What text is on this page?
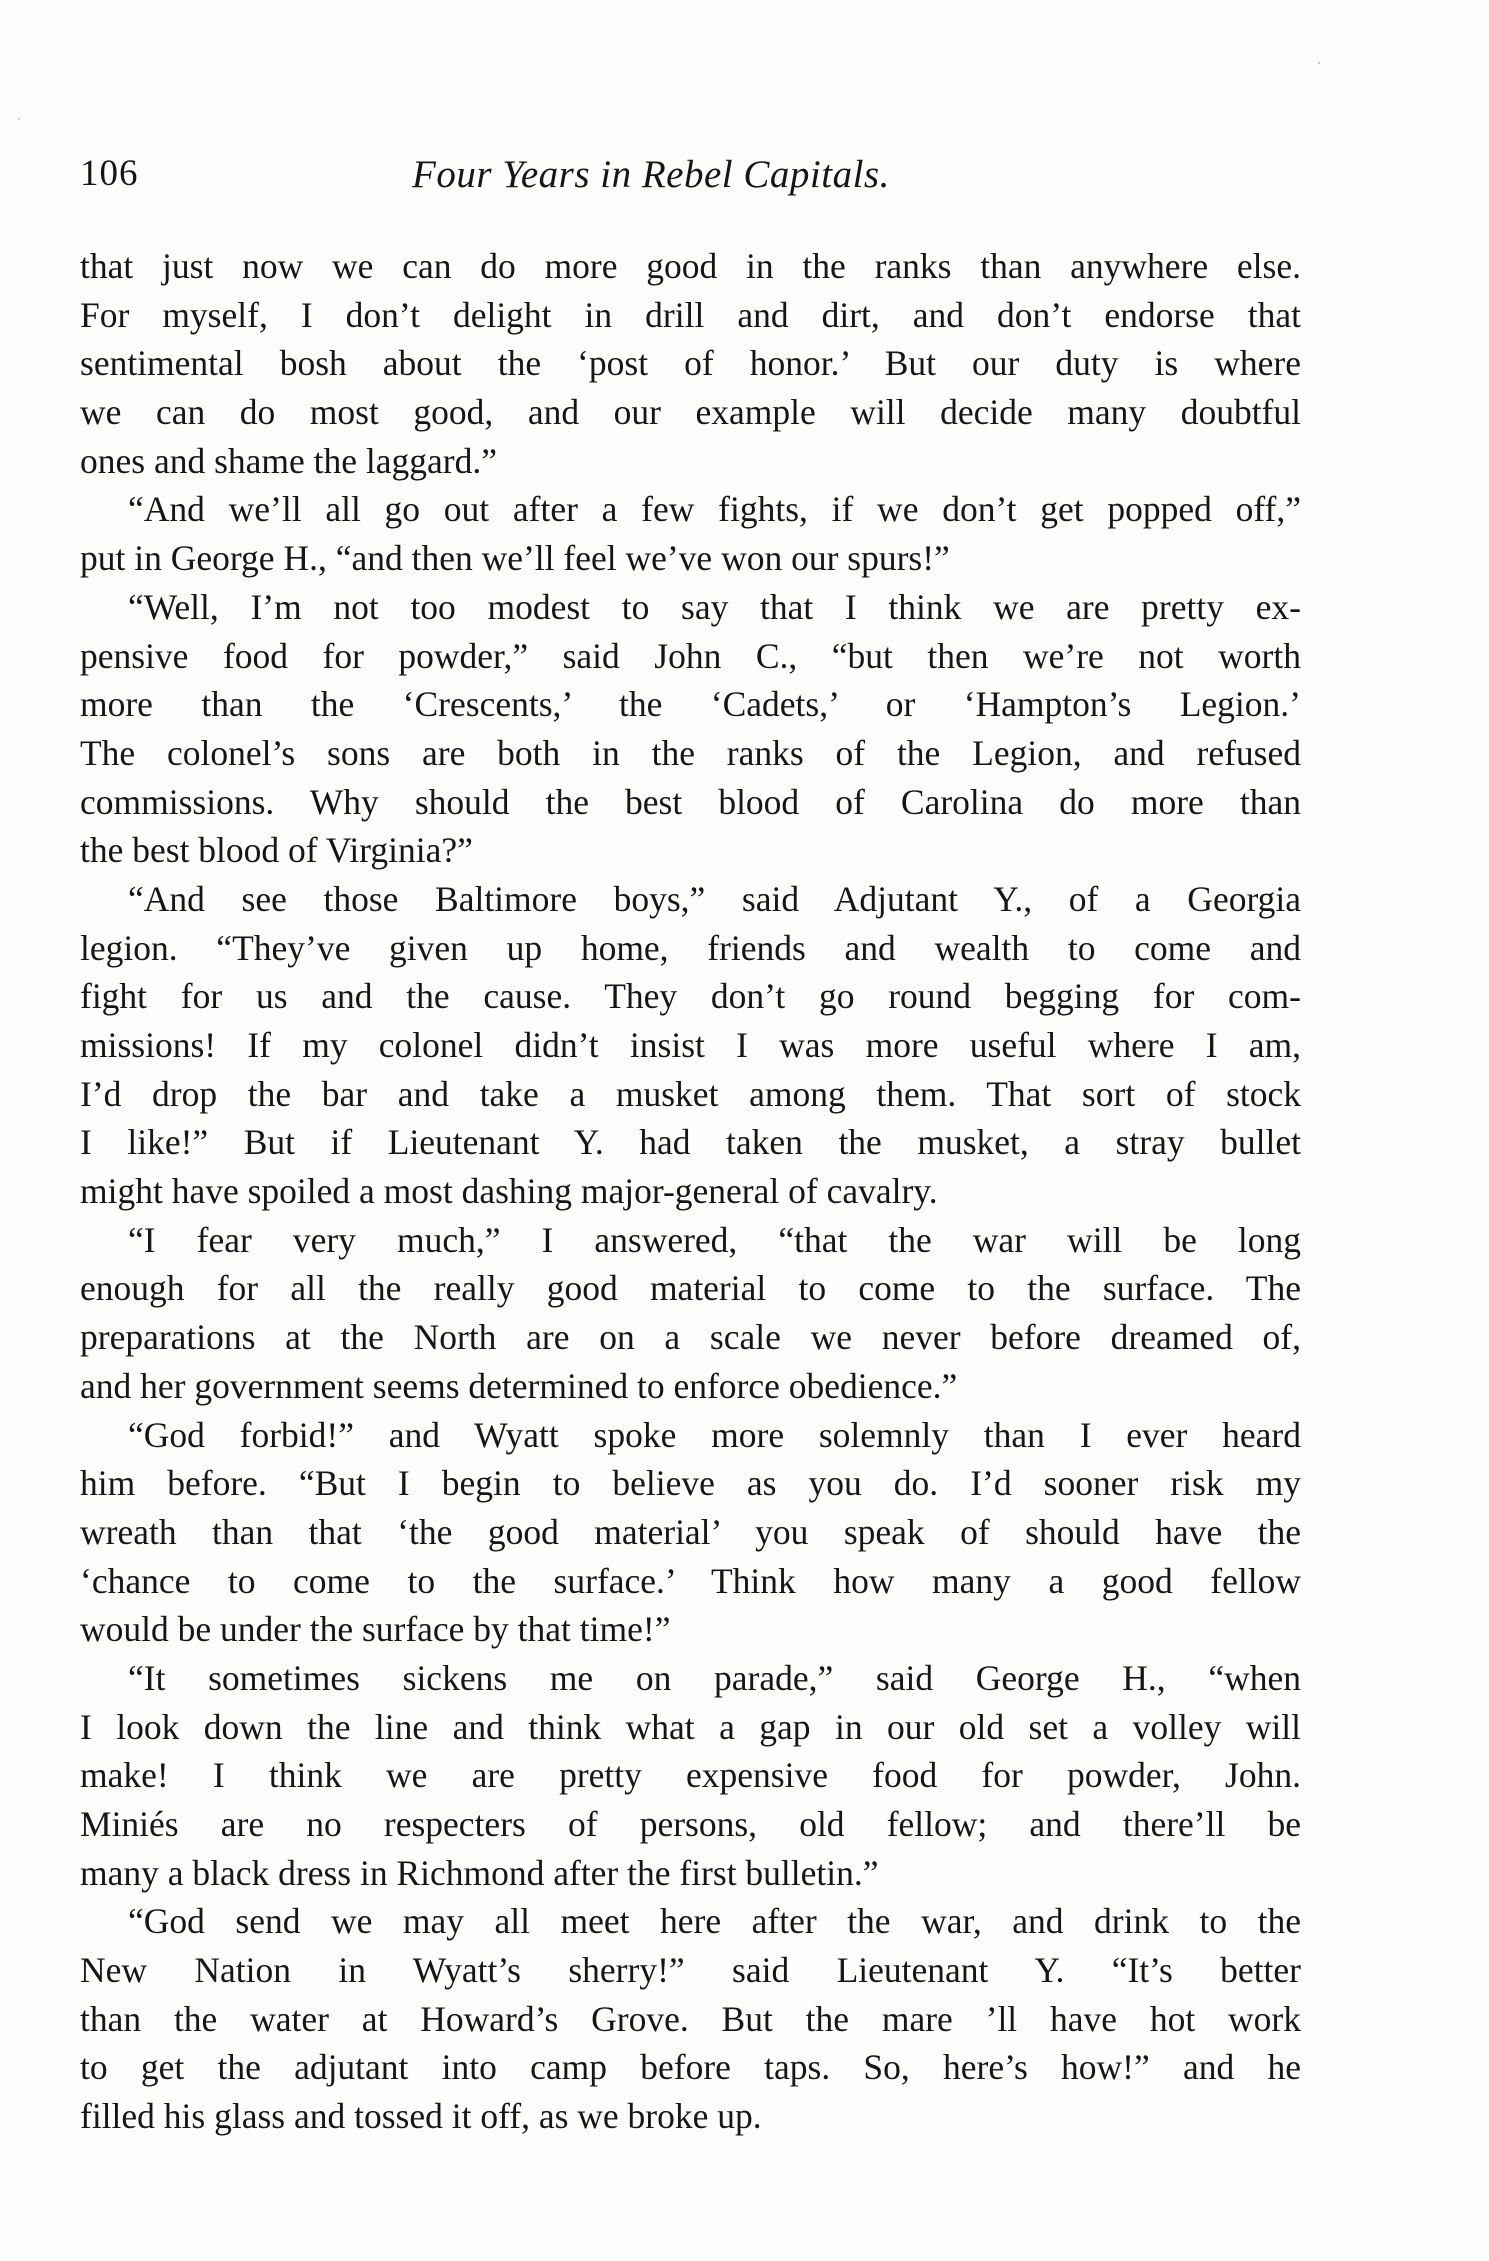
106	Four Years in Rebel Capitals.
that just now we can do more good in the ranks than anywhere else.
For myself, I don’t delight in drill and dirt, and don’t endorse that
sentimental bosh about the ‘post of honor.’ But our duty is where
we can do most good, and our example will decide many doubtful
ones and shame the laggard.”
“And we’ll all go out after a few fights, if we don’t get popped off,”
put in George H., “and then we’ll feel we’ve won our spurs!”
“Well, I’m not too modest to say that I think we are pretty ex-
pensive food for powder,” said John C., “but then we’re not worth
more than the ‘Crescents,’ the ‘Cadets,’ or ‘Hampton’s Legion.’
The colonel’s sons are both in the ranks of the Legion, and refused
commissions. Why should the best blood of Carolina do more than
the best blood of Virginia?”
“And see those Baltimore boys,” said Adjutant Y., of a Georgia
legion. “They’ve given up home, friends and wealth to come and
fight for us and the cause. They don’t go round begging for com-
missions! If my colonel didn’t insist I was more useful where I am,
I’d drop the bar and take a musket among them. That sort of stock
I like!” But if Lieutenant Y. had taken the musket, a stray bullet
might have spoiled a most dashing major-general of cavalry.
“I fear very much,” I answered, “that the war will be long
enough for all the really good material to come to the surface. The
preparations at the North are on a scale we never before dreamed of,
and her government seems determined to enforce obedience.”
“God forbid!” and Wyatt spoke more solemnly than I ever heard
him before. “But I begin to believe as you do. I’d sooner risk my
wreath than that ‘the good material’ you speak of should have the
‘chance to come to the surface.’ Think how many a good fellow
would be under the surface by that time!”
“It sometimes sickens me on parade,” said George H., “when
I look down the line and think what a gap in our old set a volley will
make! I think we are pretty expensive food for powder, John.
Miniés are no respecters of persons, old fellow; and there’ll be
many a black dress in Richmond after the first bulletin.”
“God send we may all meet here after the war, and drink to the
New Nation in Wyatt’s sherry!” said Lieutenant Y. “It’s better
than the water at Howard’s Grove. But the mare ’ll have hot work
to get the adjutant into camp before taps. So, here’s how!” and he
filled his glass and tossed it off, as we broke up.
